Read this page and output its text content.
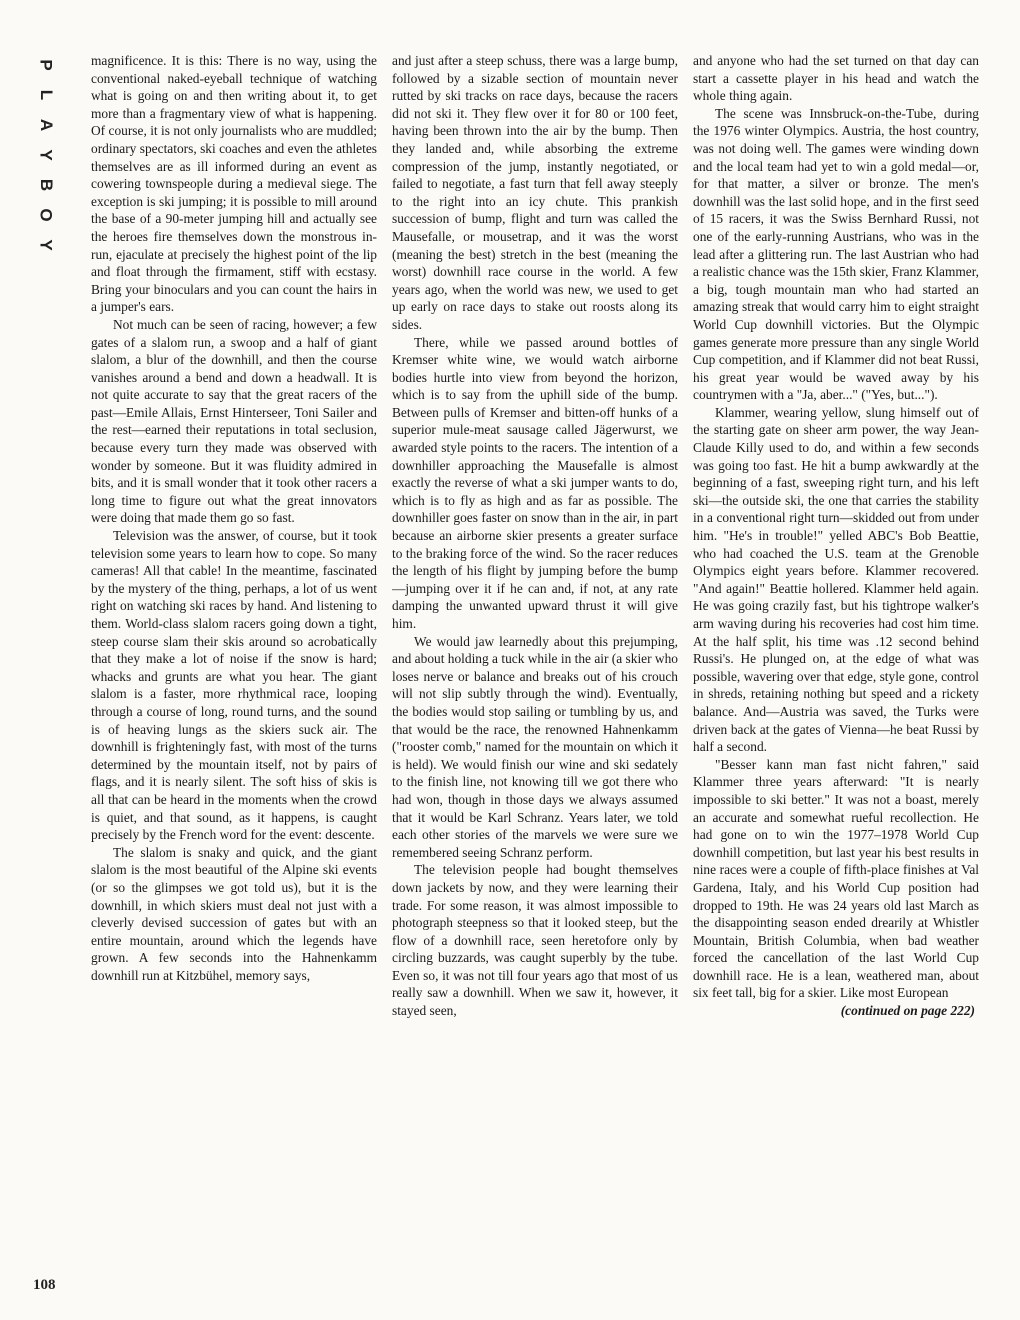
P
L
A
Y
B
O
Y
108

magnificence. It is this: There is no way, using the conventional naked-eyeball technique of watching what is going on and then writing about it, to get more than a fragmentary view of what is happening. Of course, it is not only journalists who are muddled; ordinary spectators, ski coaches and even the athletes themselves are as ill informed during an event as cowering townspeople during a medieval siege. The exception is ski jumping; it is possible to mill around the base of a 90-meter jumping hill and actually see the heroes fire themselves down the monstrous in-run, ejaculate at precisely the highest point of the lip and float through the firmament, stiff with ecstasy. Bring your binoculars and you can count the hairs in a jumper's ears.

Not much can be seen of racing, however; a few gates of a slalom run, a swoop and a half of giant slalom, a blur of the downhill, and then the course vanishes around a bend and down a headwall. It is not quite accurate to say that the great racers of the past—Emile Allais, Ernst Hinterseer, Toni Sailer and the rest—earned their reputations in total seclusion, because every turn they made was observed with wonder by someone. But it was fluidity admired in bits, and it is small wonder that it took other racers a long time to figure out what the great innovators were doing that made them go so fast.

Television was the answer, of course, but it took television some years to learn how to cope. So many cameras! All that cable! In the meantime, fascinated by the mystery of the thing, perhaps, a lot of us went right on watching ski races by hand. And listening to them. World-class slalom racers going down a tight, steep course slam their skis around so acrobatically that they make a lot of noise if the snow is hard; whacks and grunts are what you hear. The giant slalom is a faster, more rhythmical race, looping through a course of long, round turns, and the sound is of heaving lungs as the skiers suck air. The downhill is frighteningly fast, with most of the turns determined by the mountain itself, not by pairs of flags, and it is nearly silent. The soft hiss of skis is all that can be heard in the moments when the crowd is quiet, and that sound, as it happens, is caught precisely by the French word for the event: descente.

The slalom is snaky and quick, and the giant slalom is the most beautiful of the Alpine ski events (or so the glimpses we got told us), but it is the downhill, in which skiers must deal not just with a cleverly devised succession of gates but with an entire mountain, around which the legends have grown. A few seconds into the Hahnenkamm downhill run at Kitzbühel, memory says,

and just after a steep schuss, there was a large bump, followed by a sizable section of mountain never rutted by ski tracks on race days, because the racers did not ski it. They flew over it for 80 or 100 feet, having been thrown into the air by the bump. Then they landed and, while absorbing the extreme compression of the jump, instantly negotiated, or failed to negotiate, a fast turn that fell away steeply to the right into an icy chute. This prankish succession of bump, flight and turn was called the Mausefalle, or mousetrap, and it was the worst (meaning the best) stretch in the best (meaning the worst) downhill race course in the world. A few years ago, when the world was new, we used to get up early on race days to stake out roosts along its sides.

There, while we passed around bottles of Kremser white wine, we would watch airborne bodies hurtle into view from beyond the horizon, which is to say from the uphill side of the bump. Between pulls of Kremser and bitten-off hunks of a superior mule-meat sausage called Jägerwurst, we awarded style points to the racers. The intention of a downhiller approaching the Mausefalle is almost exactly the reverse of what a ski jumper wants to do, which is to fly as high and as far as possible. The downhiller goes faster on snow than in the air, in part because an airborne skier presents a greater surface to the braking force of the wind. So the racer reduces the length of his flight by jumping before the bump—jumping over it if he can and, if not, at any rate damping the unwanted upward thrust it will give him.

We would jaw learnedly about this prejumping, and about holding a tuck while in the air (a skier who loses nerve or balance and breaks out of his crouch will not slip subtly through the wind). Eventually, the bodies would stop sailing or tumbling by us, and that would be the race, the renowned Hahnenkamm ("rooster comb," named for the mountain on which it is held). We would finish our wine and ski sedately to the finish line, not knowing till we got there who had won, though in those days we always assumed that it would be Karl Schranz. Years later, we told each other stories of the marvels we were sure we remembered seeing Schranz perform.

The television people had bought themselves down jackets by now, and they were learning their trade. For some reason, it was almost impossible to photograph steepness so that it looked steep, but the flow of a downhill race, seen heretofore only by circling buzzards, was caught superbly by the tube. Even so, it was not till four years ago that most of us really saw a downhill. When we saw it, however, it stayed seen,

and anyone who had the set turned on that day can start a cassette player in his head and watch the whole thing again.

The scene was Innsbruck-on-the-Tube, during the 1976 winter Olympics. Austria, the host country, was not doing well. The games were winding down and the local team had yet to win a gold medal—or, for that matter, a silver or bronze. The men's downhill was the last solid hope, and in the first seed of 15 racers, it was the Swiss Bernhard Russi, not one of the early-running Austrians, who was in the lead after a glittering run. The last Austrian who had a realistic chance was the 15th skier, Franz Klammer, a big, tough mountain man who had started an amazing streak that would carry him to eight straight World Cup downhill victories. But the Olympic games generate more pressure than any single World Cup competition, and if Klammer did not beat Russi, his great year would be waved away by his countrymen with a "Ja, aber..." ("Yes, but...").

Klammer, wearing yellow, slung himself out of the starting gate on sheer arm power, the way Jean-Claude Killy used to do, and within a few seconds was going too fast. He hit a bump awkwardly at the beginning of a fast, sweeping right turn, and his left ski—the outside ski, the one that carries the stability in a conventional right turn—skidded out from under him. "He's in trouble!" yelled ABC's Bob Beattie, who had coached the U.S. team at the Grenoble Olympics eight years before. Klammer recovered. "And again!" Beattie hollered. Klammer held again. He was going crazily fast, but his tightrope walker's arm waving during his recoveries had cost him time. At the half split, his time was .12 second behind Russi's. He plunged on, at the edge of what was possible, wavering over that edge, style gone, control in shreds, retaining nothing but speed and a rickety balance. And—Austria was saved, the Turks were driven back at the gates of Vienna—he beat Russi by half a second.

"Besser kann man fast nicht fahren," said Klammer three years afterward: "It is nearly impossible to ski better." It was not a boast, merely an accurate and somewhat rueful recollection. He had gone on to win the 1977–1978 World Cup downhill competition, but last year his best results in nine races were a couple of fifth-place finishes at Val Gardena, Italy, and his World Cup position had dropped to 19th. He was 24 years old last March as the disappointing season ended drearily at Whistler Mountain, British Columbia, when bad weather forced the cancellation of the last World Cup downhill race. He is a lean, weathered man, about six feet tall, big for a skier. Like most European

(continued on page 222)
